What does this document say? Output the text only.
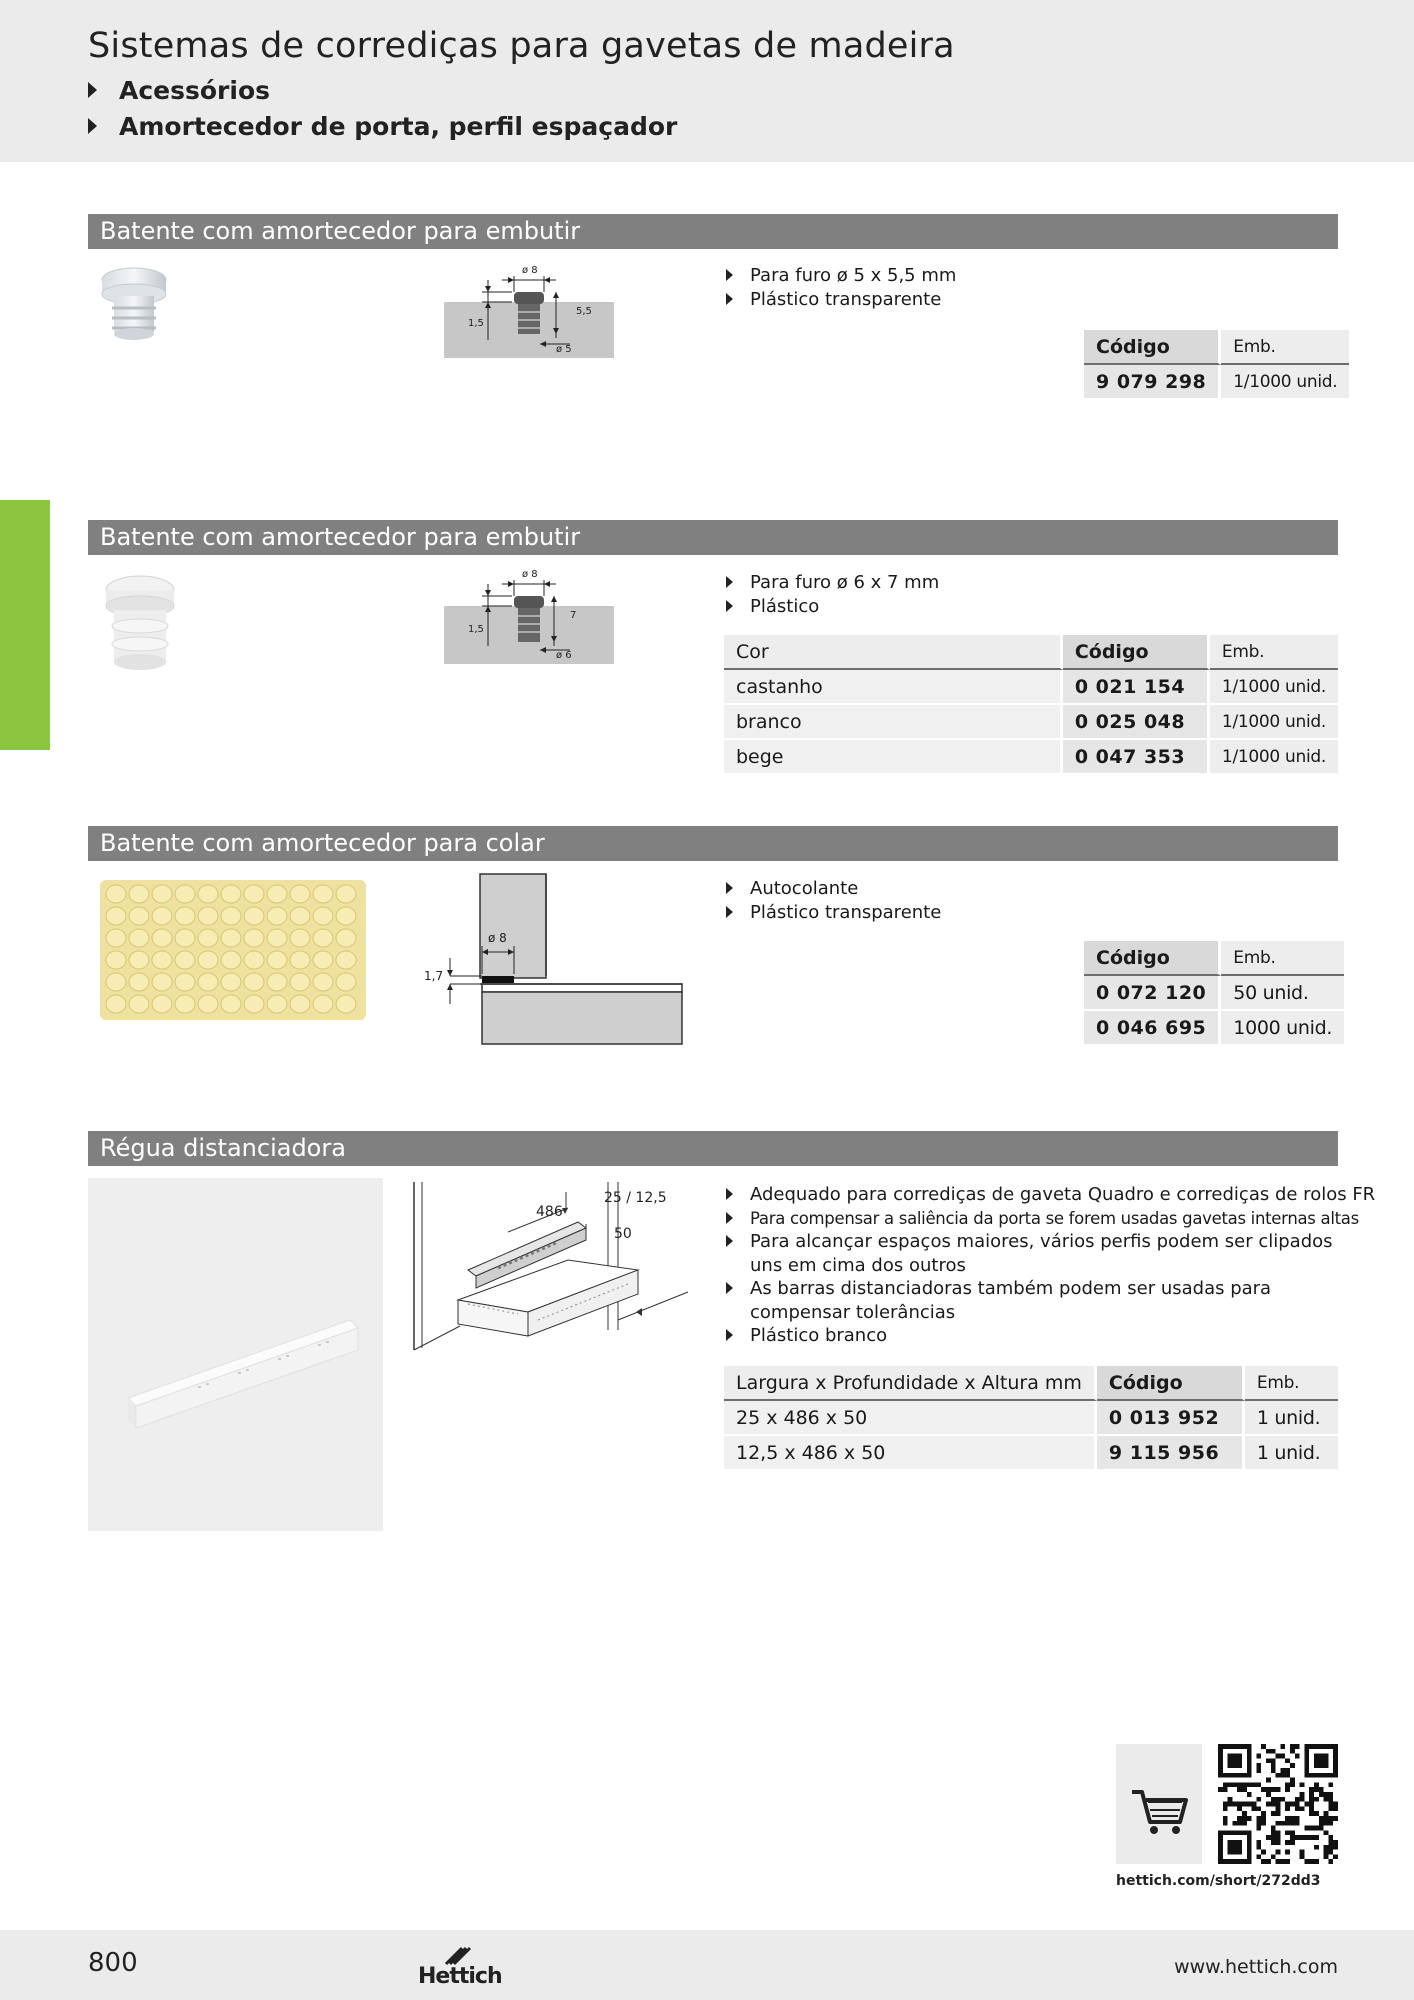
Sistemas de corrediças para gavetas de madeira
Acessórios
Amortecedor de porta, perfil espaçador
Batente com amortecedor para embutir
ø 8
1,5
5,5
ø 5
Para furo ø 5 x 5,5 mm
Plástico transparente
Código	Emb.
9 079 298	1/1000 unid.
Batente com amortecedor para embutir
ø 8
1,5
7
ø 6
Para furo ø 6 x 7 mm
Plástico
Cor	Código	Emb.
castanho	0 021 154	1/1000 unid.
branco	0 025 048	1/1000 unid.
bege	0 047 353	1/1000 unid.
Batente com amortecedor para colar
ø 8
1,7
Autocolante
Plástico transparente
Código	Emb.
0 072 120	50 unid.
0 046 695	1000 unid.
Régua distanciadora
486
25 / 12,5
50
Adequado para corrediças de gaveta Quadro e corrediças de rolos FR
Para compensar a saliência da porta se forem usadas gavetas internas altas
Para alcançar espaços maiores, vários perfis podem ser clipados uns em cima dos outros
As barras distanciadoras também podem ser usadas para compensar tolerâncias
Plástico branco
Largura x Profundidade x Altura mm	Código	Emb.
25 x 486 x 50	0 013 952	1 unid.
12,5 x 486 x 50	9 115 956	1 unid.
hettich.com/short/272dd3
800	Hettich	www.hettich.com
